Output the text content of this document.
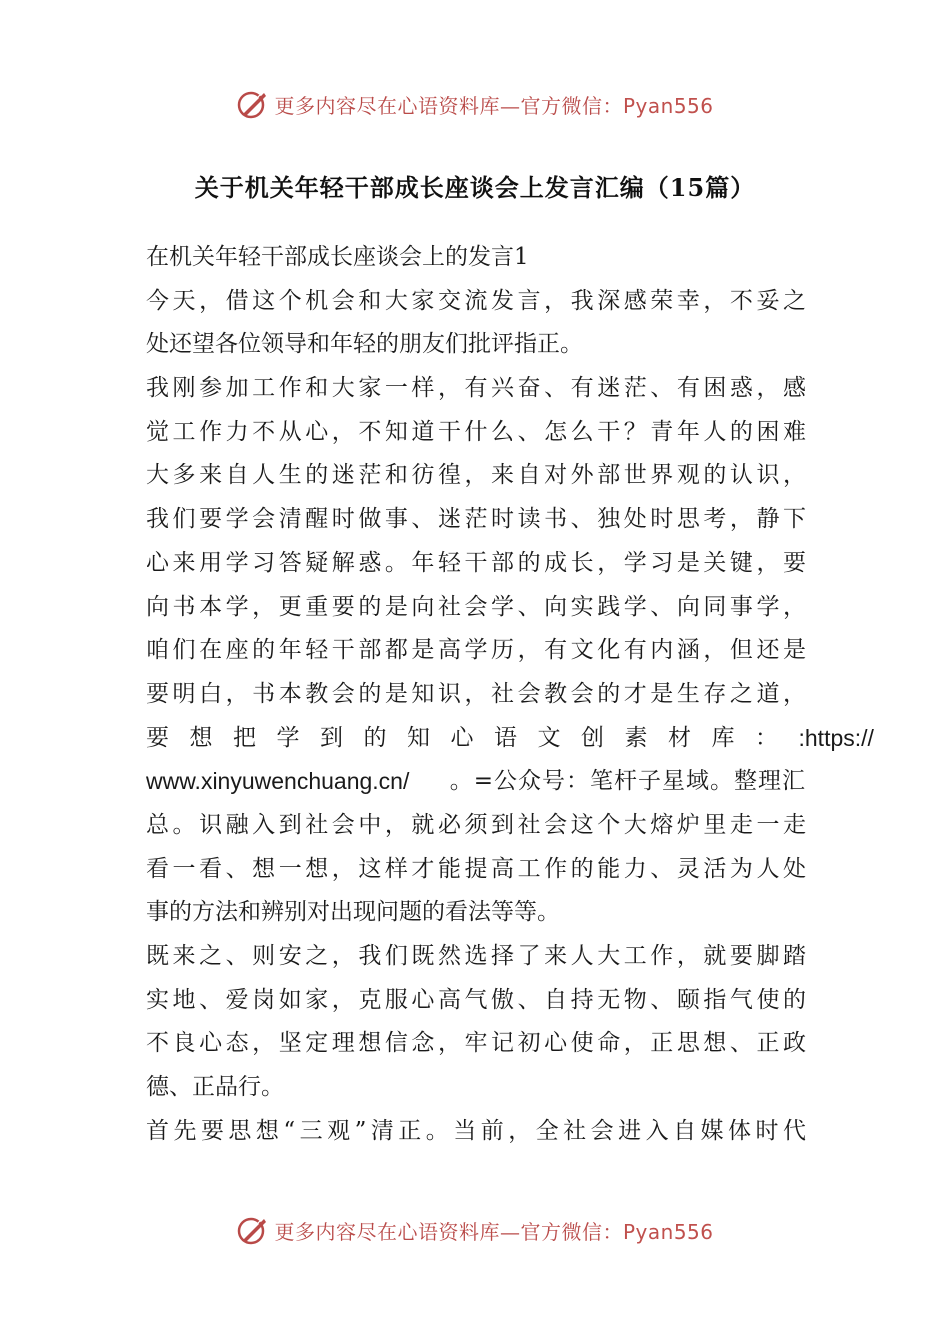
更多内容尽在心语资料库—官方微信：Pyan556
关于机关年轻干部成长座谈会上发言汇编（15篇）
在机关年轻干部成长座谈会上的发言1
今天，借这个机会和大家交流发言，我深感荣幸，不妥之
处还望各位领导和年轻的朋友们批评指正。
我刚参加工作和大家一样，有兴奋、有迷茫、有困惑，感
觉工作力不从心，不知道干什么、怎么干？青年人的困难
大多来自人生的迷茫和彷徨，来自对外部世界观的认识，
我们要学会清醒时做事、迷茫时读书、独处时思考，静下
心来用学习答疑解惑。年轻干部的成长，学习是关键，要
向书本学，更重要的是向社会学、向实践学、向同事学，
咱们在座的年轻干部都是高学历，有文化有内涵，但还是
要明白，书本教会的是知识，社会教会的才是生存之道，
要想把学到的知心语文创素材库： :https://
www.xinyuwenchuang.cn/ 。=公众号：笔杆子星域。整理汇
总。识融入到社会中，就必须到社会这个大熔炉里走一走
看一看、想一想，这样才能提高工作的能力、灵活为人处
事的方法和辨别对出现问题的看法等等。
既来之、则安之，我们既然选择了来人大工作，就要脚踏
实地、爱岗如家，克服心高气傲、自持无物、颐指气使的
不良心态，坚定理想信念，牢记初心使命，正思想、正政
德、正品行。
首先要思想“三观”清正。当前，全社会进入自媒体时代
更多内容尽在心语资料库—官方微信：Pyan556
